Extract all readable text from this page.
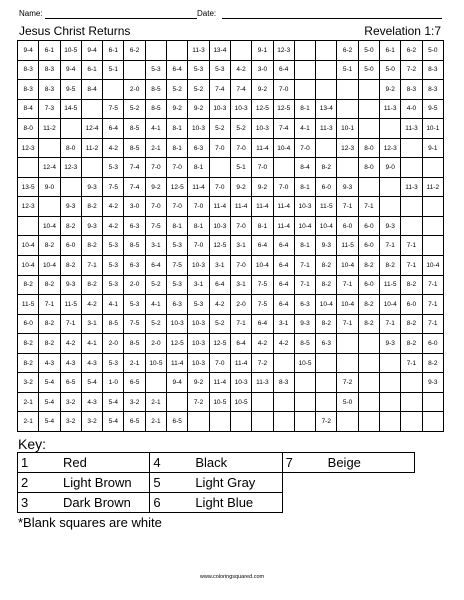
Name:	Date:
Jesus Christ Returns	Revelation 1:7
9-4	6-1	10-5	9-4	6-1	6-2			11-3	13-4		9-1	12-3			6-2	5-0	6-1	6-2	5-0
8-3	8-3	9-4	6-1	5-1		5-3	6-4	5-3	5-3	4-2	3-0	6-4			5-1	5-0	5-0	7-2	8-3
8-3	8-3	9-5	8-4		2-0	8-5	5-2	5-2	7-4	7-4	9-2	7-0					9-2	8-3	8-3
8-4	7-3	14-5		7-5	5-2	8-5	9-2	9-2	10-3	10-3	12-5	12-5	8-1	13-4			11-3	4-0	9-5
8-0	11-2		12-4	6-4	8-5	4-1	8-1	10-3	5-2	5-2	10-3	7-4	4-1	11-3	10-1			11-3	10-1
12-3		8-0	11-2	4-2	8-5	2-1	8-1	6-3	7-0	7-0	11-4	10-4	7-0		12-3	8-0	12-3		9-1
	12-4	12-3		5-3	7-4	7-0	7-0	8-1		5-1	7-0		8-4	8-2		8-0	9-0		
13-5	9-0		9-3	7-5	7-4	9-2	12-5	11-4	7-0	9-2	9-2	7-0	8-1	6-0	9-3			11-3	11-2
12-3		9-3	8-2	4-2	3-0	7-0	7-0	7-0	11-4	11-4	11-4	11-4	10-3	11-5	7-1	7-1			
	10-4	8-2	9-3	4-2	6-3	7-5	8-1	8-1	10-3	7-0	8-1	11-4	10-4	10-4	6-0	6-0	9-3		
10-4	8-2	6-0	8-2	5-3	8-5	3-1	5-3	7-0	12-5	3-1	6-4	6-4	8-1	9-3	11-5	6-0	7-1	7-1	
10-4	10-4	8-2	7-1	5-3	6-3	6-4	7-5	10-3	3-1	7-0	10-4	6-4	7-1	8-2	10-4	8-2	8-2	7-1	10-4
8-2	8-2	9-3	8-2	5-3	2-0	5-2	5-3	3-1	6-4	3-1	7-5	6-4	7-1	8-2	7-1	6-0	11-5	8-2	7-1
11-5	7-1	11-5	4-2	4-1	5-3	4-1	6-3	5-3	4-2	2-0	7-5	6-4	6-3	10-4	10-4	8-2	10-4	6-0	7-1
6-0	8-2	7-1	3-1	8-5	7-5	5-2	10-3	10-3	5-2	7-1	6-4	3-1	9-3	8-2	7-1	8-2	7-1	8-2	7-1
8-2	8-2	4-2	4-1	2-0	8-5	2-0	12-5	10-3	12-5	6-4	4-2	4-2	8-5	6-3			9-3	8-2	6-0
8-2	4-3	4-3	4-3	5-3	2-1	10-5	11-4	10-3	7-0	11-4	7-2		10-5					7-1	8-2
3-2	5-4	6-5	5-4	1-0	6-5		9-4	9-2	11-4	10-3	11-3	8-3			7-2				9-3
2-1	5-4	3-2	4-3	5-4	3-2	2-1		7-2	10-5	10-5					5-0				
2-1	5-4	3-2	3-2	5-4	6-5	2-1	6-5							7-2					
Key:
1 Red	4 Black	7 Beige
2 Light Brown	5 Light Gray	
3 Dark Brown	6 Light Blue	
*Blank squares are white
www.coloringsquared.com
